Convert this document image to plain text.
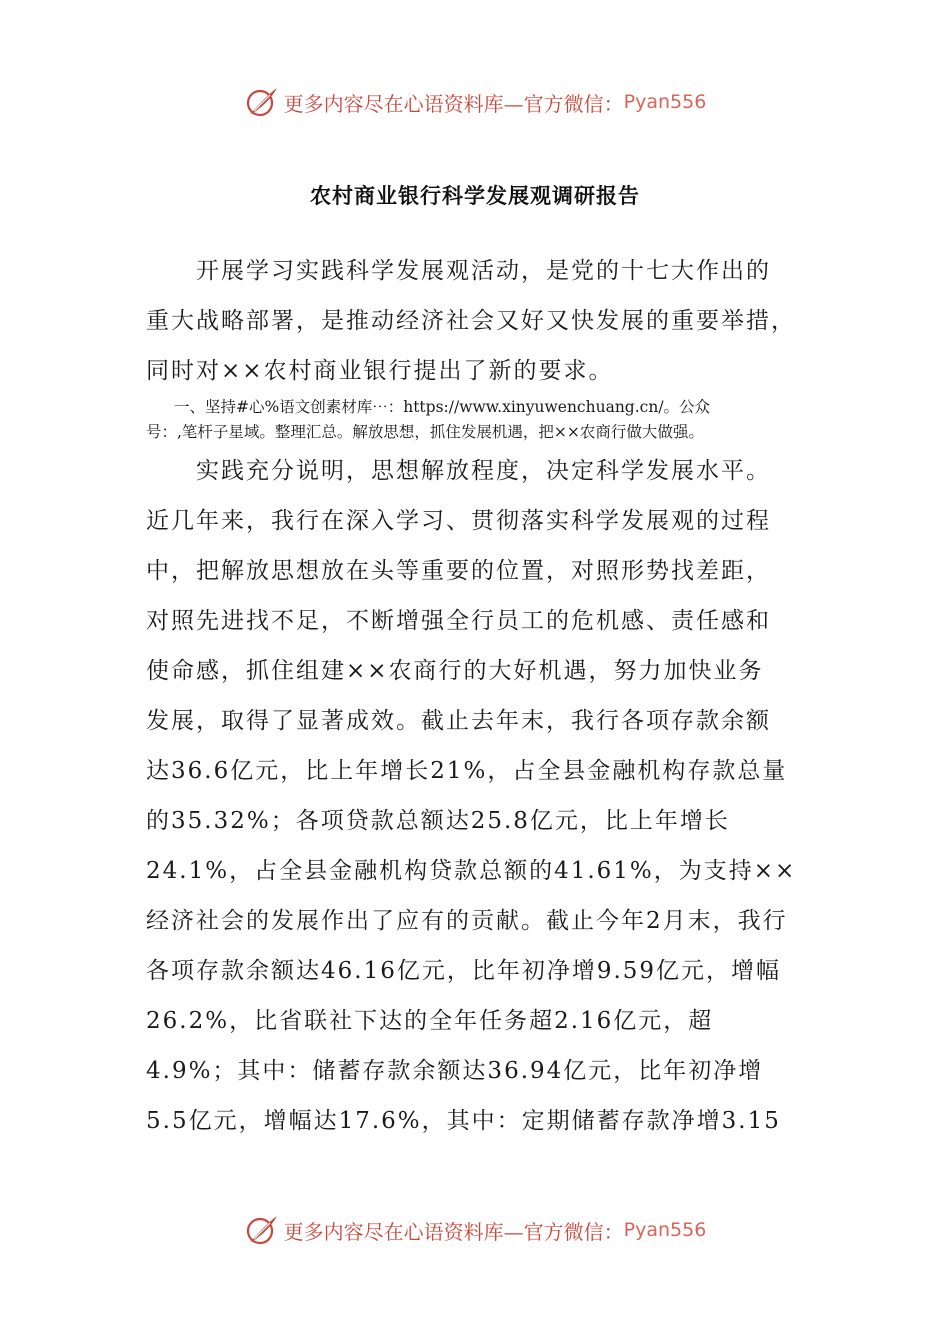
更多内容尽在心语资料库—官方微信： Pyan556
农村商业银行科学发展观调研报告
开展学习实践科学发展观活动，是党的十七大作出的
重大战略部署，是推动经济社会又好又快发展的重要举措，
同时对××农村商业银行提出了新的要求。
一、坚持#心%语文创素材库⋯：https://www.xinyuwenchuang.cn/。公众
号：,笔杆子星域。整理汇总。解放思想，抓住发展机遇，把××农商行做大做强。
实践充分说明，思想解放程度，决定科学发展水平。
近几年来，我行在深入学习、贯彻落实科学发展观的过程
中，把解放思想放在头等重要的位置，对照形势找差距，
对照先进找不足，不断增强全行员工的危机感、责任感和
使命感，抓住组建××农商行的大好机遇，努力加快业务
发展，取得了显著成效。截止去年末，我行各项存款余额
达36.6亿元，比上年增长21%，占全县金融机构存款总量
的35.32%；各项贷款总额达25.8亿元，比上年增长
24.1%，占全县金融机构贷款总额的41.61%，为支持××
经济社会的发展作出了应有的贡献。截止今年2月末，我行
各项存款余额达46.16亿元，比年初净增9.59亿元，增幅
26.2%，比省联社下达的全年任务超2.16亿元，超
4.9%；其中：储蓄存款余额达36.94亿元，比年初净增
5.5亿元，增幅达17.6%，其中：定期储蓄存款净增3.15
更多内容尽在心语资料库—官方微信： Pyan556
